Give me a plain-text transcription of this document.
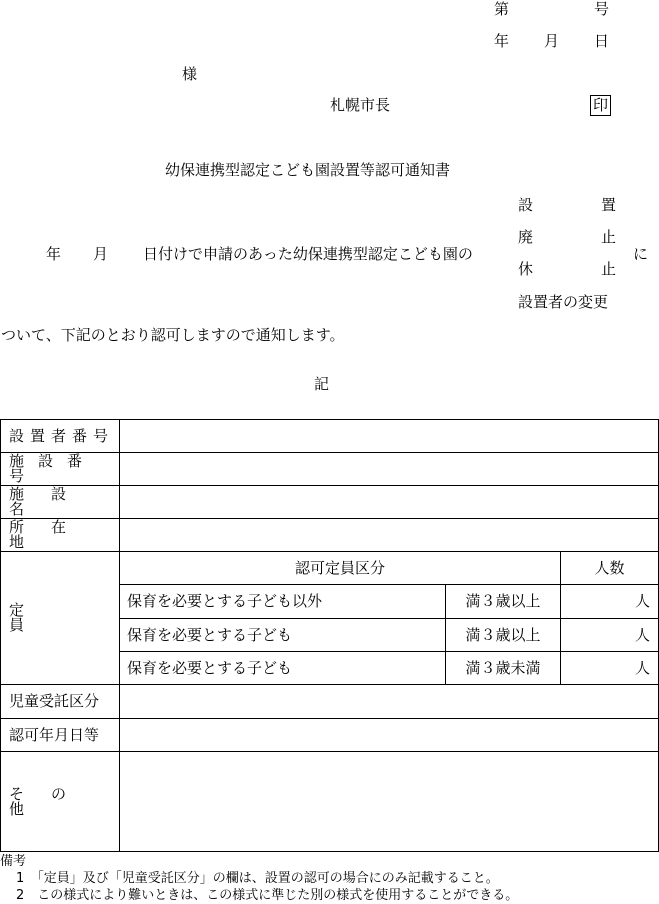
第	号
年 月 日
様
札幌市長	印
幼保連携型認定こども園設置等認可通知書
設	置
廃	止
休	止
設置者の変更
年 月 日付けで申請のあった幼保連携型認定こども園の	に
ついて、下記のとおり認可しますので通知します。
記
設置者番号			
施設番号			
施設名			
所在地			
定員	認可定員区分		人数
	保育を必要とする子ども以外	満３歳以上	人
	保育を必要とする子ども	満３歳以上	人
	保育を必要とする子ども	満３歳未満	人
児童受託区分			
認可年月日等			
その他			
備考
1　「定員」及び「児童受託区分」の欄は、設置の認可の場合にのみ記載すること。
2　この様式により難いときは、この様式に準じた別の様式を使用することができる。
